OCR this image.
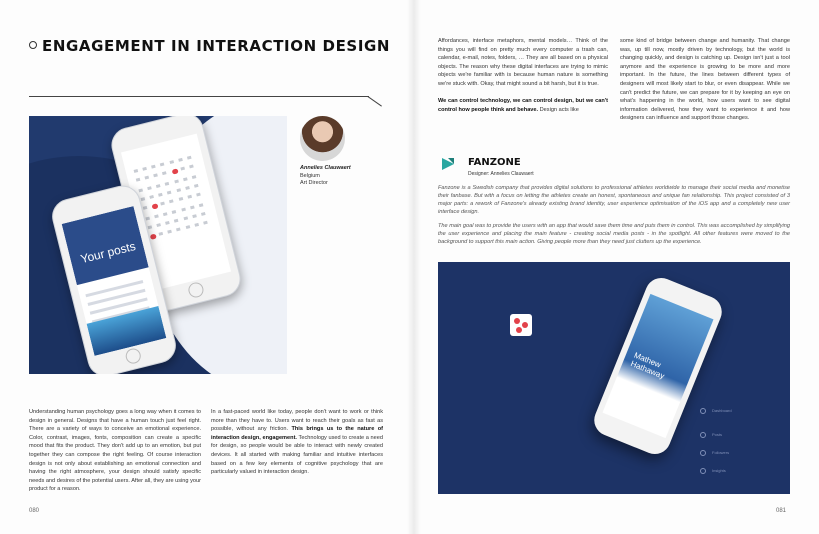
ENGAGEMENT IN INTERACTION DESIGN
Your posts
Annelies Clauwaert
Belgium
Art Director
Understanding human psychology goes a long way when it comes to design in general. Designs that have a human touch just feel right. There are a variety of ways to conceive an emotional experience. Color, contrast, images, fonts, composition can create a specific mood that fits the product. They don't add up to an emotion, but put together they can compose the right feeling. Of course interaction design is not only about establishing an emotional connection and having the right atmosphere, your design should satisfy specific needs and desires of the potential users. After all, they are using your product for a reason.
In a fast-paced world like today, people don't want to work or think more than they have to. Users want to reach their goals as fast as possible, without any friction. This brings us to the nature of interaction design, engagement. Technology used to create a need for design, so people would be able to interact with newly created devices. It all started with making familiar and intuitive interfaces based on a few key elements of cognitive psychology that are particularly valued in interaction design.
080
Affordances, interface metaphors, mental models… Think of the things you will find on pretty much every computer a trash can, calendar, e-mail, notes, folders, … They are all based on a physical objects. The reason why these digital interfaces are trying to mimic objects we're familiar with is because human nature is something we're stuck with. Okay, that might sound a bit harsh, but it is true.

We can control technology, we can control design, but we can't control how people think and behave. Design acts like
some kind of bridge between change and humanity. That change was, up till now, mostly driven by technology, but the world is changing quickly, and design is catching up. Design isn't just a tool anymore and the experience is growing to be more and more important. In the future, the lines between different types of designers will most likely start to blur, or even disappear. While we can't predict the future, we can prepare for it by keeping an eye on what's happening in the world, how users want to see digital information delivered, how they want to experience it and how designers can influence and support those changes.
FANZONE
Designer: Annelies Clauwaert
Fanzone is a Swedish company that provides digital solutions to professional athletes worldwide to manage their social media and monetise their fanbase. But with a focus on letting the athletes create an honest, spontaneous and unique fan relationship. This project consisted of 3 major parts: a rework of Fanzone's already existing brand identity, user experience optimisation of the iOS app and a completely new user interface design.
The main goal was to provide the users with an app that would save them time and puts them in control. This was accomplished by simplifying the user experience and placing the main feature - creating social media posts - in the spotlight. All other features were moved to the background to support this main action. Giving people more than they need just clutters up the experience.
Mathew Hathaway
Dashboard
Posts
Followers
Insights
081
